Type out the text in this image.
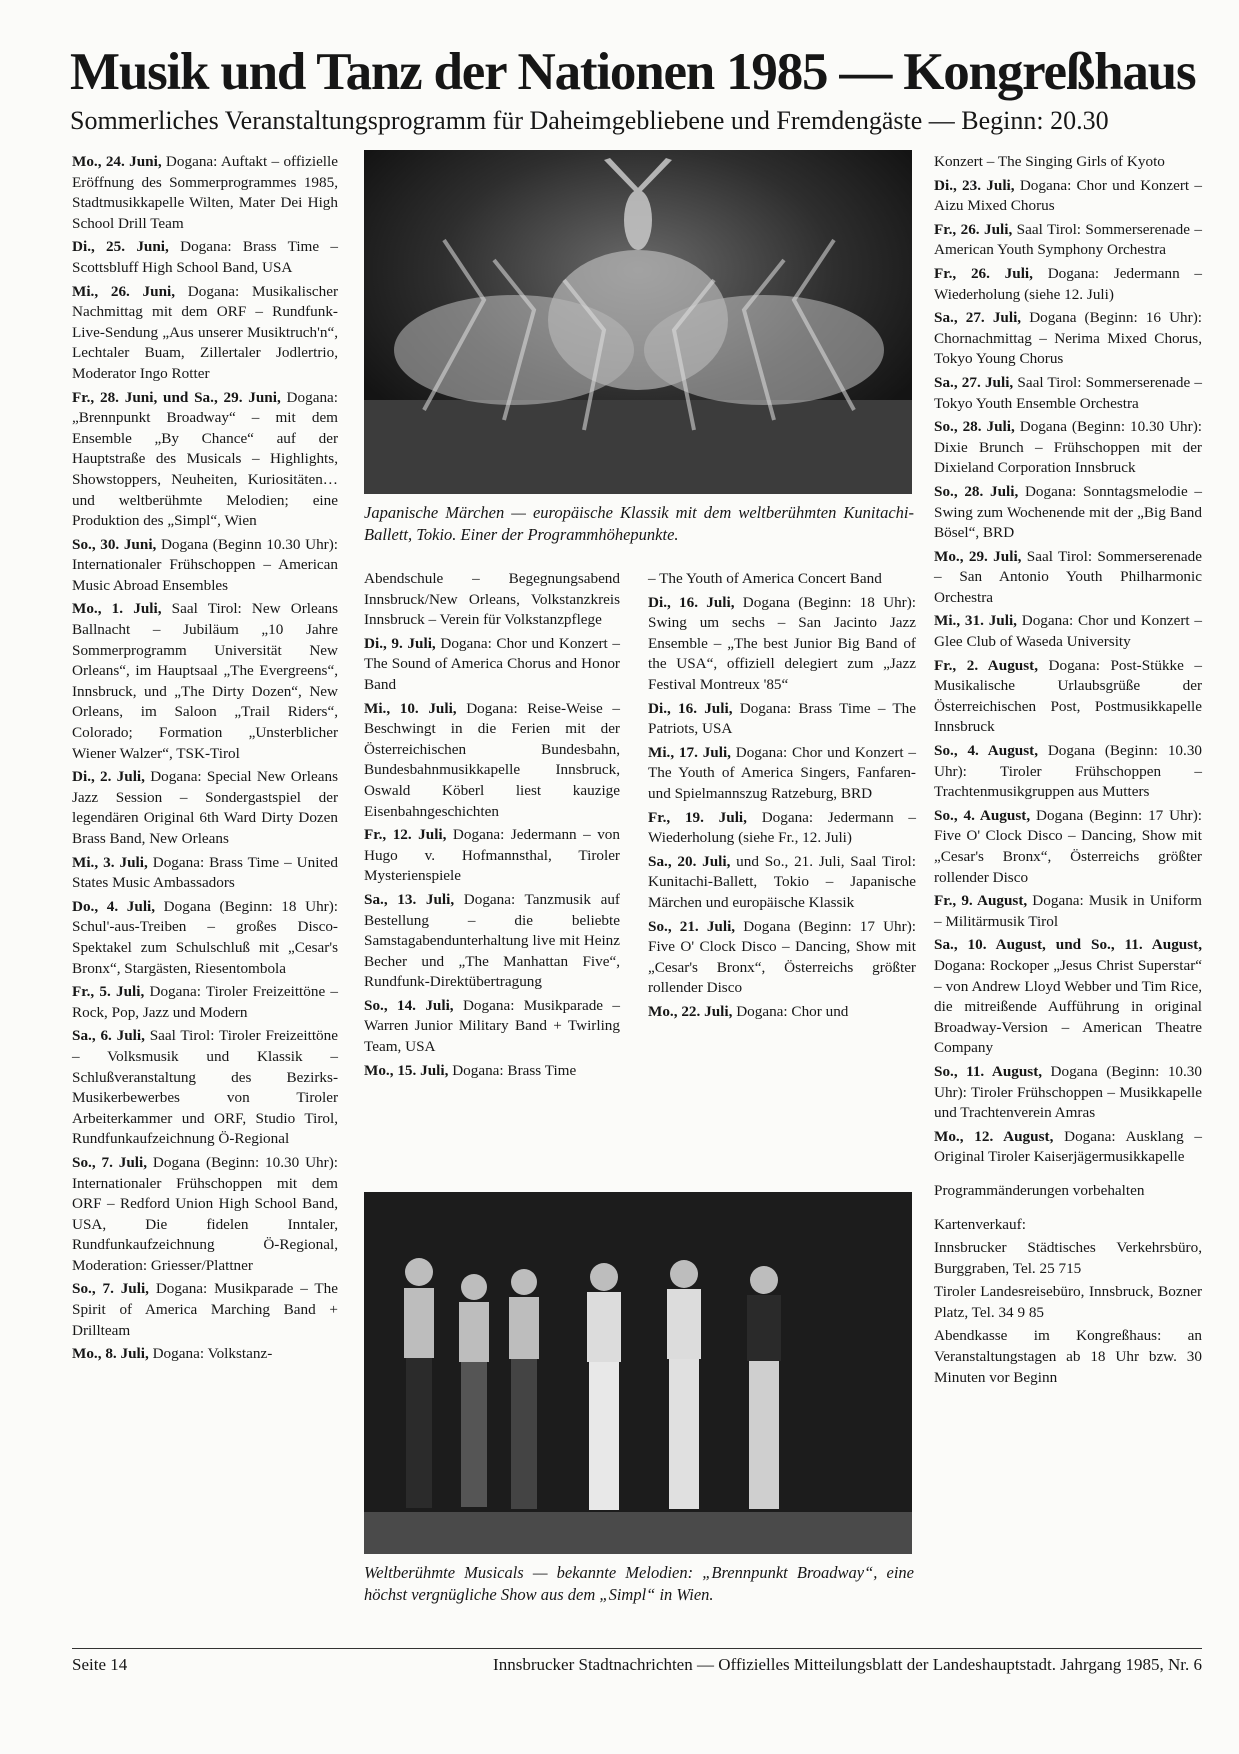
Musik und Tanz der Nationen 1985 — Kongreßhaus
Sommerliches Veranstaltungsprogramm für Daheimgebliebene und Fremdengäste — Beginn: 20.30

Mo., 24. Juni, Dogana: Auftakt – offizielle Eröffnung des Sommerprogrammes 1985, Stadtmusikkapelle Wilten, Mater Dei High School Drill Team

Di., 25. Juni, Dogana: Brass Time – Scottsbluff High School Band, USA

Mi., 26. Juni, Dogana: Musikalischer Nachmittag mit dem ORF – Rundfunk-Live-Sendung „Aus unserer Musiktruch'n“, Lechtaler Buam, Zillertaler Jodlertrio, Moderator Ingo Rotter

Fr., 28. Juni, und Sa., 29. Juni, Dogana: „Brennpunkt Broadway“ – mit dem Ensemble „By Chance“ auf der Hauptstraße des Musicals – Highlights, Showstoppers, Neuheiten, Kuriositäten… und weltberühmte Melodien; eine Produktion des „Simpl“, Wien

So., 30. Juni, Dogana (Beginn 10.30 Uhr): Internationaler Frühschoppen – American Music Abroad Ensembles

Mo., 1. Juli, Saal Tirol: New Orleans Ballnacht – Jubiläum „10 Jahre Sommerprogramm Universität New Orleans“, im Hauptsaal „The Evergreens“, Innsbruck, und „The Dirty Dozen“, New Orleans, im Saloon „Trail Riders“, Colorado; Formation „Unsterblicher Wiener Walzer“, TSK-Tirol

Di., 2. Juli, Dogana: Special New Orleans Jazz Session – Sondergastspiel der legendären Original 6th Ward Dirty Dozen Brass Band, New Orleans

Mi., 3. Juli, Dogana: Brass Time – United States Music Ambassadors

Do., 4. Juli, Dogana (Beginn: 18 Uhr): Schul'-aus-Treiben – großes Disco-Spektakel zum Schulschluß mit „Cesar's Bronx“, Stargästen, Riesentombola

Fr., 5. Juli, Dogana: Tiroler Freizeittöne – Rock, Pop, Jazz und Modern

Sa., 6. Juli, Saal Tirol: Tiroler Freizeittöne – Volksmusik und Klassik – Schlußveranstaltung des Bezirks-Musikerbewerbes von Tiroler Arbeiterkammer und ORF, Studio Tirol, Rundfunkaufzeichnung Ö-Regional

So., 7. Juli, Dogana (Beginn: 10.30 Uhr): Internationaler Frühschoppen mit dem ORF – Redford Union High School Band, USA, Die fidelen Inntaler, Rundfunkaufzeichnung Ö-Regional, Moderation: Griesser/Plattner

So., 7. Juli, Dogana: Musikparade – The Spirit of America Marching Band + Drillteam

Mo., 8. Juli, Dogana: Volkstanz-

Abendschule – Begegnungsabend Innsbruck/New Orleans, Volkstanzkreis Innsbruck – Verein für Volkstanzpflege

Di., 9. Juli, Dogana: Chor und Konzert – The Sound of America Chorus and Honor Band

Mi., 10. Juli, Dogana: Reise-Weise – Beschwingt in die Ferien mit der Österreichischen Bundesbahn, Bundesbahnmusikkapelle Innsbruck, Oswald Köberl liest kauzige Eisenbahngeschichten

Fr., 12. Juli, Dogana: Jedermann – von Hugo v. Hofmannsthal, Tiroler Mysterienspiele

Sa., 13. Juli, Dogana: Tanzmusik auf Bestellung – die beliebte Samstagabendunterhaltung live mit Heinz Becher und „The Manhattan Five“, Rundfunk-Direktübertragung

So., 14. Juli, Dogana: Musikparade – Warren Junior Military Band + Twirling Team, USA

Mo., 15. Juli, Dogana: Brass Time

– The Youth of America Concert Band

Di., 16. Juli, Dogana (Beginn: 18 Uhr): Swing um sechs – San Jacinto Jazz Ensemble – „The best Junior Big Band of the USA“, offiziell delegiert zum „Jazz Festival Montreux '85“

Di., 16. Juli, Dogana: Brass Time – The Patriots, USA

Mi., 17. Juli, Dogana: Chor und Konzert – The Youth of America Singers, Fanfaren- und Spielmannszug Ratzeburg, BRD

Fr., 19. Juli, Dogana: Jedermann – Wiederholung (siehe Fr., 12. Juli)

Sa., 20. Juli, und So., 21. Juli, Saal Tirol: Kunitachi-Ballett, Tokio – Japanische Märchen und europäische Klassik

So., 21. Juli, Dogana (Beginn: 17 Uhr): Five O' Clock Disco – Dancing, Show mit „Cesar's Bronx“, Österreichs größter rollender Disco

Mo., 22. Juli, Dogana: Chor und

Konzert – The Singing Girls of Kyoto

Di., 23. Juli, Dogana: Chor und Konzert – Aizu Mixed Chorus

Fr., 26. Juli, Saal Tirol: Sommerserenade – American Youth Symphony Orchestra

Fr., 26. Juli, Dogana: Jedermann – Wiederholung (siehe 12. Juli)

Sa., 27. Juli, Dogana (Beginn: 16 Uhr): Chornachmittag – Nerima Mixed Chorus, Tokyo Young Chorus

Sa., 27. Juli, Saal Tirol: Sommerserenade – Tokyo Youth Ensemble Orchestra

So., 28. Juli, Dogana (Beginn: 10.30 Uhr): Dixie Brunch – Frühschoppen mit der Dixieland Corporation Innsbruck

So., 28. Juli, Dogana: Sonntagsmelodie – Swing zum Wochenende mit der „Big Band Bösel“, BRD

Mo., 29. Juli, Saal Tirol: Sommerserenade – San Antonio Youth Philharmonic Orchestra

Mi., 31. Juli, Dogana: Chor und Konzert – Glee Club of Waseda University

Fr., 2. August, Dogana: Post-Stükke – Musikalische Urlaubsgrüße der Österreichischen Post, Postmusikkapelle Innsbruck

So., 4. August, Dogana (Beginn: 10.30 Uhr): Tiroler Frühschoppen – Trachtenmusikgruppen aus Mutters

So., 4. August, Dogana (Beginn: 17 Uhr): Five O' Clock Disco – Dancing, Show mit „Cesar's Bronx“, Österreichs größter rollender Disco

Fr., 9. August, Dogana: Musik in Uniform – Militärmusik Tirol

Sa., 10. August, und So., 11. August, Dogana: Rockoper „Jesus Christ Superstar“ – von Andrew Lloyd Webber und Tim Rice, die mitreißende Aufführung in original Broadway-Version – American Theatre Company

So., 11. August, Dogana (Beginn: 10.30 Uhr): Tiroler Frühschoppen – Musikkapelle und Trachtenverein Amras

Mo., 12. August, Dogana: Ausklang – Original Tiroler Kaiserjägermusikkapelle

Programmänderungen vorbehalten

Kartenverkauf:

Innsbrucker Städtisches Verkehrsbüro, Burggraben, Tel. 25 715

Tiroler Landesreisebüro, Innsbruck, Bozner Platz, Tel. 34 9 85

Abendkasse im Kongreßhaus: an Veranstaltungstagen ab 18 Uhr bzw. 30 Minuten vor Beginn

Japanische Märchen — europäische Klassik mit dem weltberühmten Kunitachi-Ballett, Tokio. Einer der Programmhöhepunkte.
Weltberühmte Musicals — bekannte Melodien: „Brennpunkt Broadway“, eine höchst vergnügliche Show aus dem „Simpl“ in Wien.
Seite 14	Innsbrucker Stadtnachrichten — Offizielles Mitteilungsblatt der Landeshauptstadt. Jahrgang 1985, Nr. 6
